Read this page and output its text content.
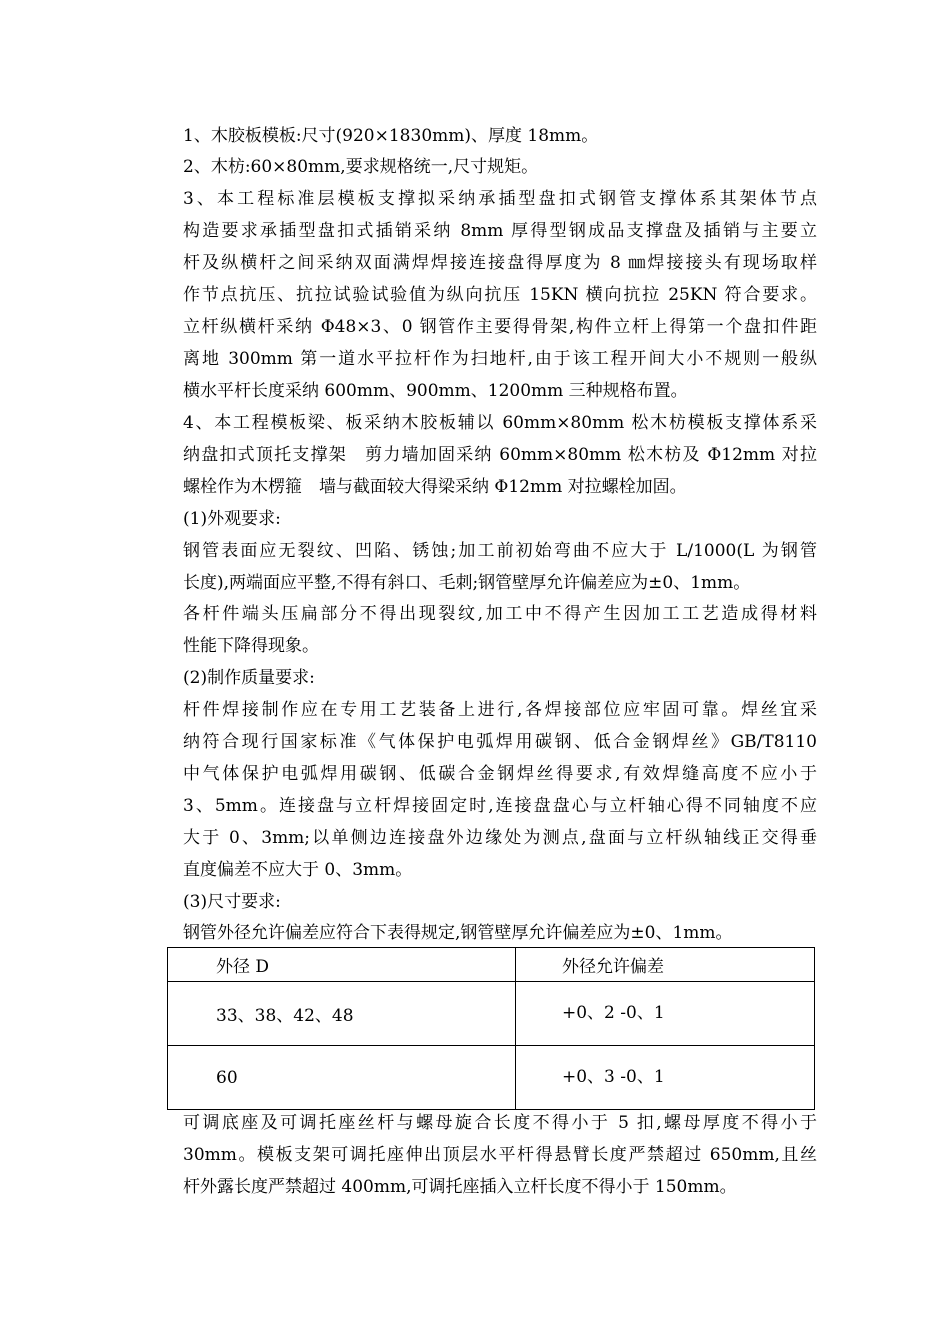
1、木胶板模板:尺寸(920×1830mm)、厚度 18mm。
2、木枋:60×80mm,要求规格统一,尺寸规矩。
3、本工程标准层模板支撑拟采纳承插型盘扣式钢管支撑体系其架体节点
构造要求承插型盘扣式插销采纳 8mm 厚得型钢成品支撑盘及插销与主要立
杆及纵横杆之间采纳双面满焊焊接连接盘得厚度为 8 ㎜焊接接头有现场取样
作节点抗压、抗拉试验试验值为纵向抗压 15KN 横向抗拉 25KN 符合要求。
立杆纵横杆采纳 Φ48×3、0 钢管作主要得骨架,构件立杆上得第一个盘扣件距
离地 300mm 第一道水平拉杆作为扫地杆,由于该工程开间大小不规则一般纵
横水平杆长度采纳 600mm、900mm、1200mm 三种规格布置。
4、本工程模板梁、板采纳木胶板辅以 60mm×80mm 松木枋模板支撑体系采
纳盘扣式顶托支撑架　剪力墙加固采纳 60mm×80mm 松木枋及 Φ12mm 对拉
螺栓作为木楞箍　墙与截面较大得梁采纳 Φ12mm 对拉螺栓加固。
(1)外观要求:
钢管表面应无裂纹、凹陷、锈蚀;加工前初始弯曲不应大于 L/1000(L 为钢管
长度),两端面应平整,不得有斜口、毛刺;钢管壁厚允许偏差应为±0、1mm。
各杆件端头压扁部分不得出现裂纹,加工中不得产生因加工工艺造成得材料
性能下降得现象。
(2)制作质量要求:
杆件焊接制作应在专用工艺装备上进行,各焊接部位应牢固可靠。焊丝宜采
纳符合现行国家标准《气体保护电弧焊用碳钢、低合金钢焊丝》GB/T8110
中气体保护电弧焊用碳钢、低碳合金钢焊丝得要求,有效焊缝高度不应小于
3、5mm。连接盘与立杆焊接固定时,连接盘盘心与立杆轴心得不同轴度不应
大于 0、3mm;以单侧边连接盘外边缘处为测点,盘面与立杆纵轴线正交得垂
直度偏差不应大于 0、3mm。
(3)尺寸要求:
钢管外径允许偏差应符合下表得规定,钢管壁厚允许偏差应为±0、1mm。
外径 D	外径允许偏差
33、38、42、48	+0、2 -0、1
60	+0、3 -0、1
可调底座及可调托座丝杆与螺母旋合长度不得小于 5 扣,螺母厚度不得小于
30mm。模板支架可调托座伸出顶层水平杆得悬臂长度严禁超过 650mm,且丝
杆外露长度严禁超过 400mm,可调托座插入立杆长度不得小于 150mm。
